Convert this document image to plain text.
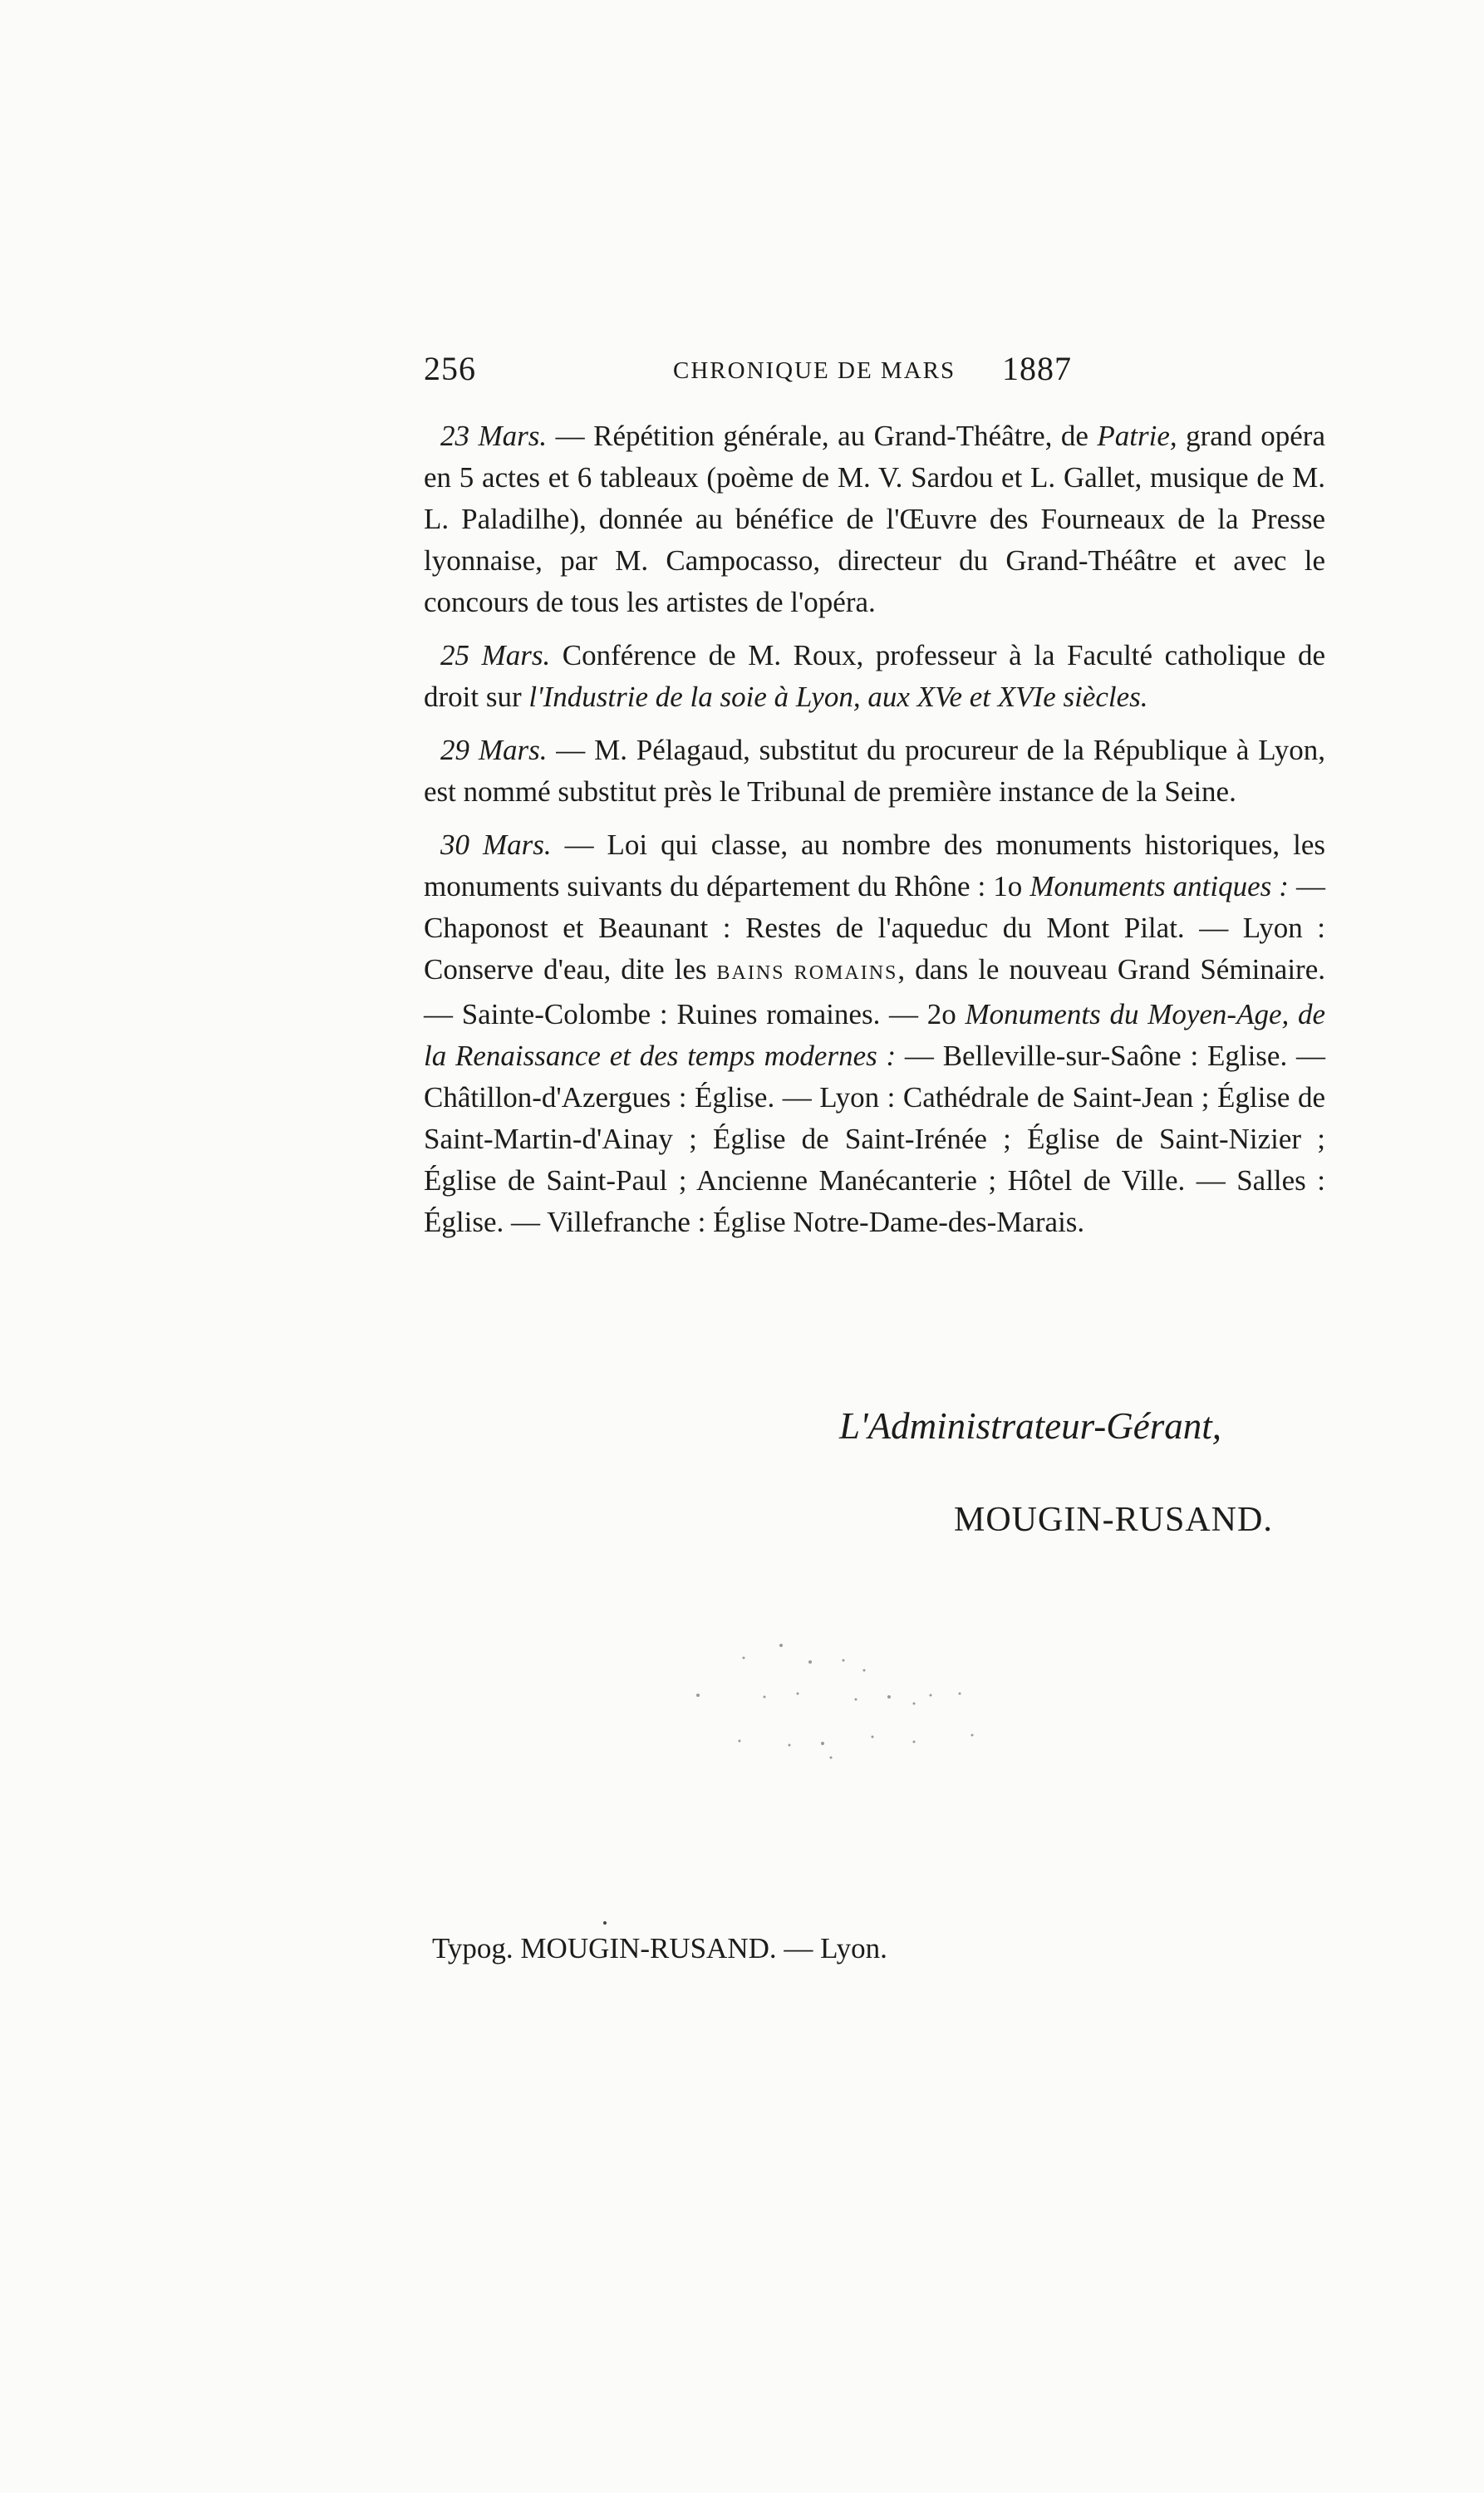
256	CHRONIQUE DE MARS 1887

23 Mars. — Répétition générale, au Grand-Théâtre, de Patrie, grand opéra en 5 actes et 6 tableaux (poème de M. V. Sardou et L. Gallet, musique de M. L. Paladilhe), donnée au bénéfice de l'Œuvre des Fourneaux de la Presse lyonnaise, par M. Campocasso, directeur du Grand-Théâtre et avec le concours de tous les artistes de l'opéra.

25 Mars. Conférence de M. Roux, professeur à la Faculté catholique de droit sur l'Industrie de la soie à Lyon, aux XVe et XVIe siècles.

29 Mars. — M. Pélagaud, substitut du procureur de la République à Lyon, est nommé substitut près le Tribunal de première instance de la Seine.

30 Mars. — Loi qui classe, au nombre des monuments historiques, les monuments suivants du département du Rhône : 1o Monuments antiques : — Chaponost et Beaunant : Restes de l'aqueduc du Mont Pilat. — Lyon : Conserve d'eau, dite les BAINS ROMAINS, dans le nouveau Grand Séminaire. — Sainte-Colombe : Ruines romaines. — 2o Monuments du Moyen-Age, de la Renaissance et des temps modernes : — Belleville-sur-Saône : Eglise. — Châtillon-d'Azergues : Église. — Lyon : Cathédrale de Saint-Jean ; Église de Saint-Martin-d'Ainay ; Église de Saint-Irénée ; Église de Saint-Nizier ; Église de Saint-Paul ; Ancienne Manécanterie ; Hôtel de Ville. — Salles : Église. — Villefranche : Église Notre-Dame-des-Marais.

L'Administrateur-Gérant,
MOUGIN-RUSAND.
Typog. MOUGIN-RUSAND. — Lyon.
